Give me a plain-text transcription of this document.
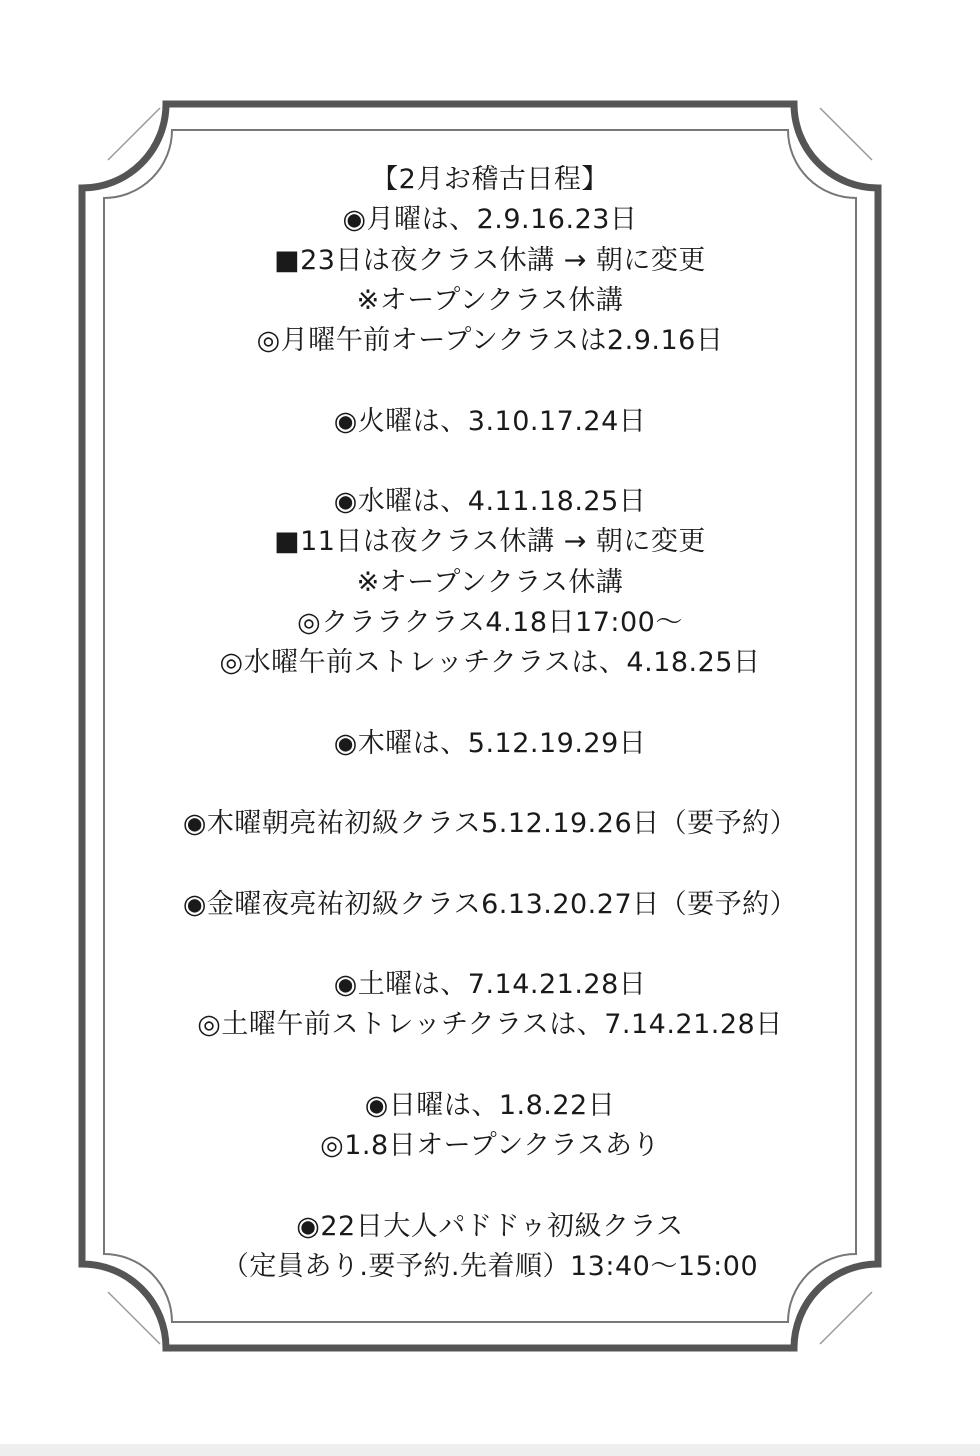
【2月お稽古日程】
◉月曜は、2.9.16.23日
■23日は夜クラス休講 → 朝に変更
※オープンクラス休講
◎月曜午前オープンクラスは2.9.16日
◉火曜は、3.10.17.24日
◉水曜は、4.11.18.25日
■11日は夜クラス休講 → 朝に変更
※オープンクラス休講
◎クララクラス4.18日17:00〜
◎水曜午前ストレッチクラスは、4.18.25日
◉木曜は、5.12.19.29日
◉木曜朝亮祐初級クラス5.12.19.26日（要予約）
◉金曜夜亮祐初級クラス6.13.20.27日（要予約）
◉土曜は、7.14.21.28日
◎土曜午前ストレッチクラスは、7.14.21.28日
◉日曜は、1.8.22日
◎1.8日オープンクラスあり
◉22日大人パドドゥ初級クラス
（定員あり.要予約.先着順）13:40〜15:00
